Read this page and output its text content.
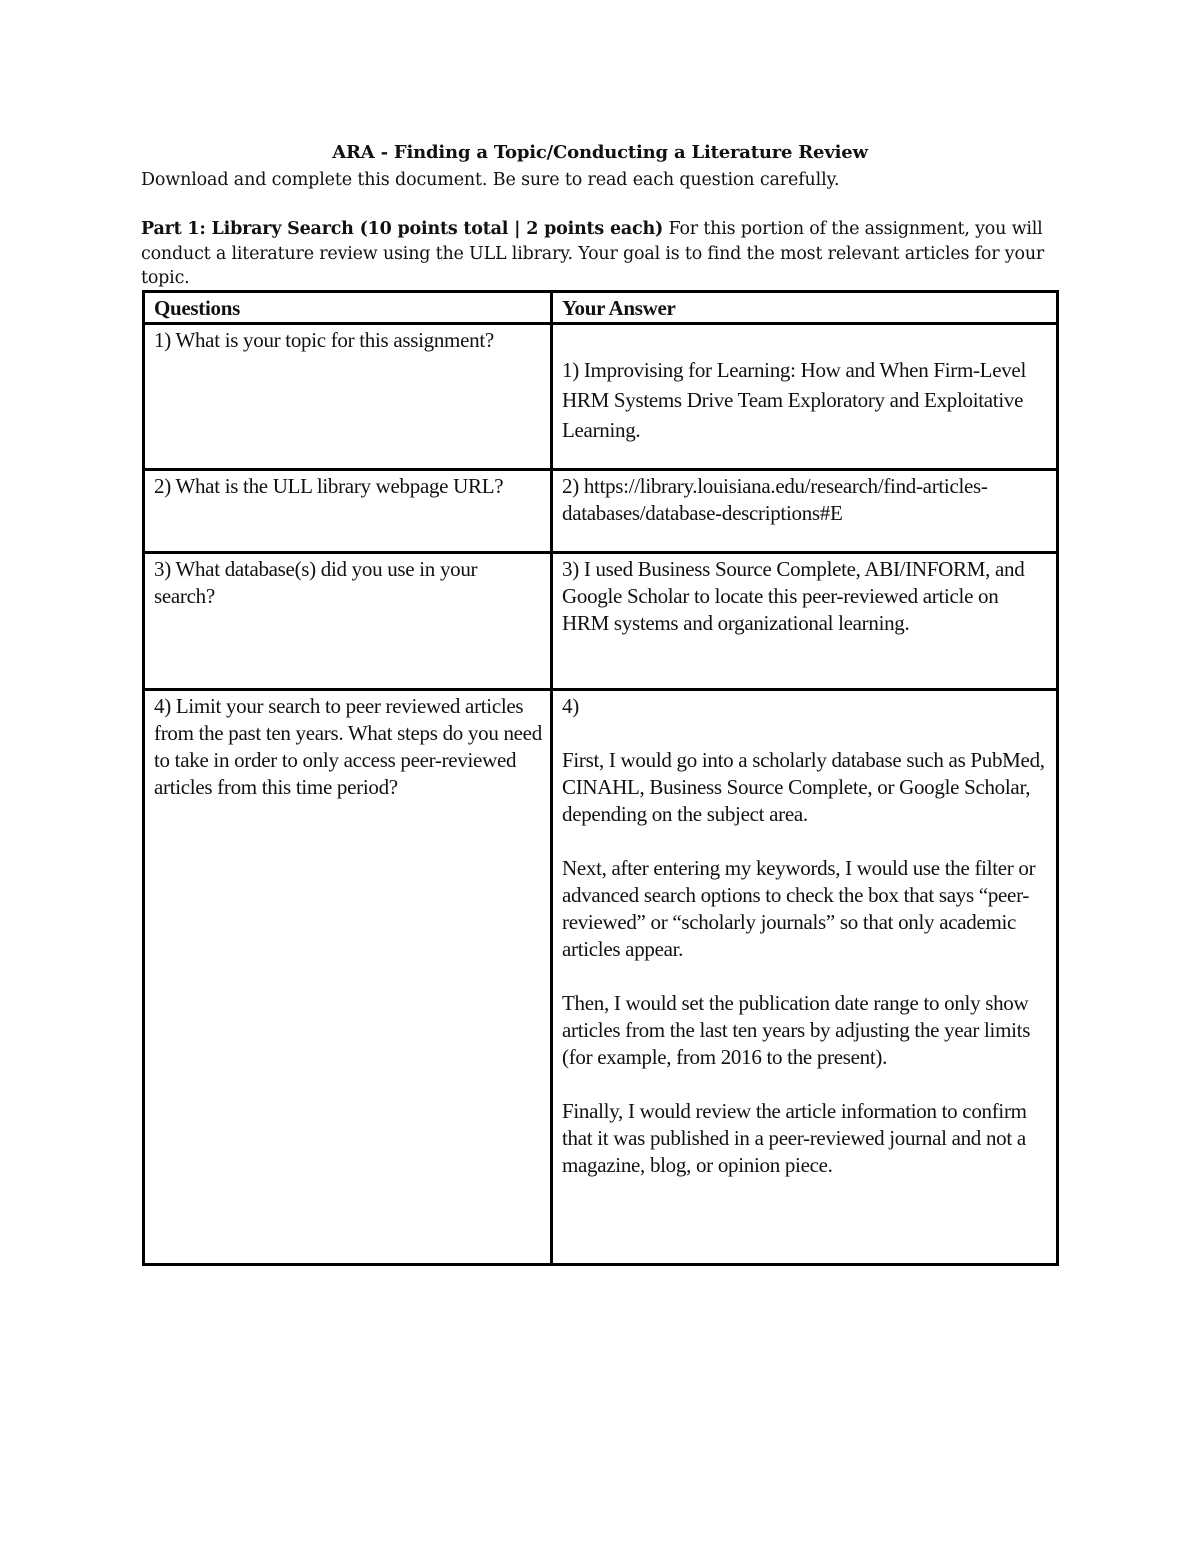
ARA - Finding a Topic/Conducting a Literature Review
Download and complete this document. Be sure to read each question carefully.
Part 1: Library Search (10 points total | 2 points each) For this portion of the assignment, you will conduct a literature review using the ULL library. Your goal is to find the most relevant articles for your topic.
Questions	Your Answer
1) What is your topic for this assignment?	1) Improvising for Learning: How and When Firm-Level HRM Systems Drive Team Exploratory and Exploitative Learning.

2) What is the ULL library webpage URL?	2) https://library.louisiana.edu/research/find-articles-databases/database-descriptions#E
3) What database(s) did you use in your search?	3) I used Business Source Complete, ABI/INFORM, and Google Scholar to locate this peer-reviewed article on HRM systems and organizational learning.
4) Limit your search to peer reviewed articles from the past ten years. What steps do you need to take in order to only access peer-reviewed articles from this time period?	4)

First, I would go into a scholarly database such as PubMed, CINAHL, Business Source Complete, or Google Scholar, depending on the subject area.

Next, after entering my keywords, I would use the filter or advanced search options to check the box that says “peer-reviewed” or “scholarly journals” so that only academic articles appear.

Then, I would set the publication date range to only show articles from the last ten years by adjusting the year limits (for example, from 2016 to the present).

Finally, I would review the article information to confirm that it was published in a peer-reviewed journal and not a magazine, blog, or opinion piece.
